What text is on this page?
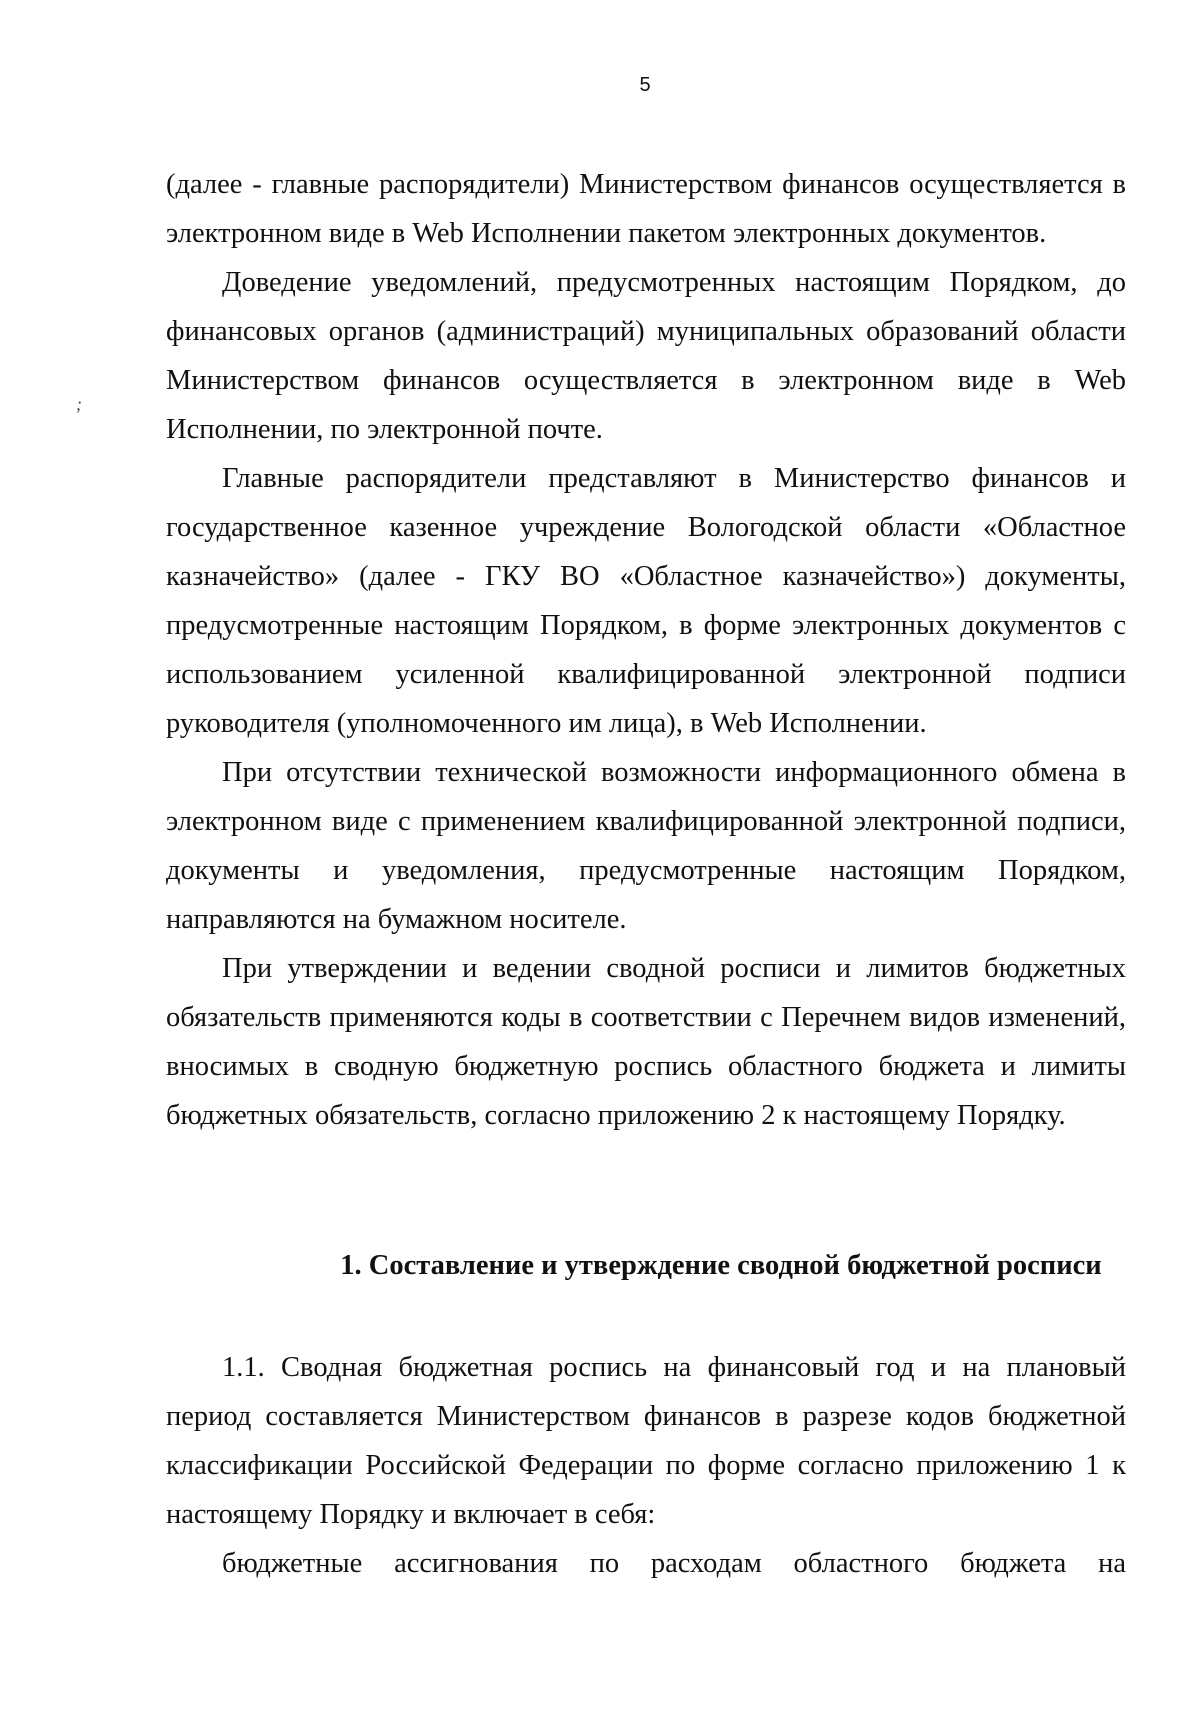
5
;

(далее - главные распорядители) Министерством финансов осуществляется в электронном виде в Web Исполнении пакетом электронных документов.

Доведение уведомлений, предусмотренных настоящим Порядком, до финансовых органов (администраций) муниципальных образований области Министерством финансов осуществляется в электронном виде в Web Исполнении, по электронной почте.

Главные распорядители представляют в Министерство финансов и государственное казенное учреждение Вологодской области «Областное казначейство» (далее - ГКУ ВО «Областное казначейство») документы, предусмотренные настоящим Порядком, в форме электронных документов с использованием усиленной квалифицированной электронной подписи руководителя (уполномоченного им лица), в Web Исполнении.

При отсутствии технической возможности информационного обмена в электронном виде с применением квалифицированной электронной подписи, документы и уведомления, предусмотренные настоящим Порядком, направляются на бумажном носителе.

При утверждении и ведении сводной росписи и лимитов бюджетных обязательств применяются коды в соответствии с Перечнем видов изменений, вносимых в сводную бюджетную роспись областного бюджета и лимиты бюджетных обязательств, согласно приложению 2 к настоящему Порядку.

1. Составление и утверждение сводной бюджетной росписи

1.1. Сводная бюджетная роспись на финансовый год и на плановый период составляется Министерством финансов в разрезе кодов бюджетной классификации Российской Федерации по форме согласно приложению 1 к настоящему Порядку и включает в себя:

бюджетные ассигнования по расходам областного бюджета на
